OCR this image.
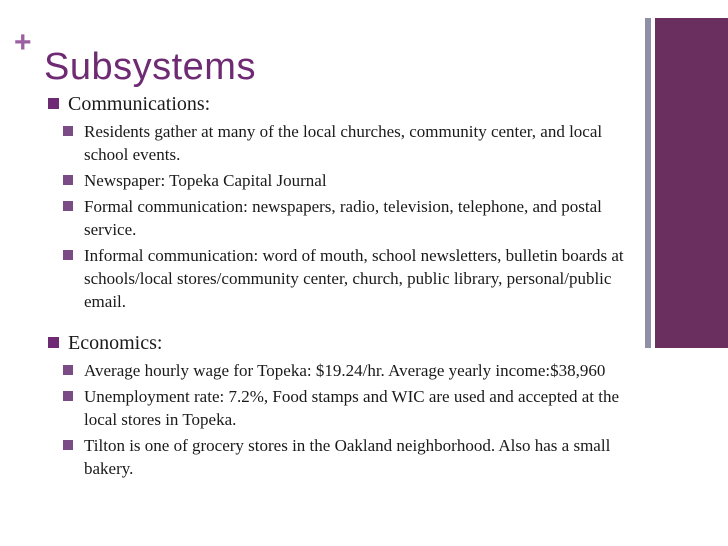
+
Subsystems
Communications:
Residents gather at many of the local churches, community center, and local school events.
Newspaper: Topeka Capital Journal
Formal communication: newspapers, radio, television, telephone, and postal service.
Informal communication: word of mouth, school newsletters, bulletin boards at schools/local stores/community center, church, public library, personal/public email.
Economics:
Average hourly wage for Topeka: $19.24/hr. Average yearly income:$38,960
Unemployment rate: 7.2%, Food stamps and WIC are used and accepted at the local stores in Topeka.
Tilton is one of grocery stores in the Oakland neighborhood. Also has a small bakery.
